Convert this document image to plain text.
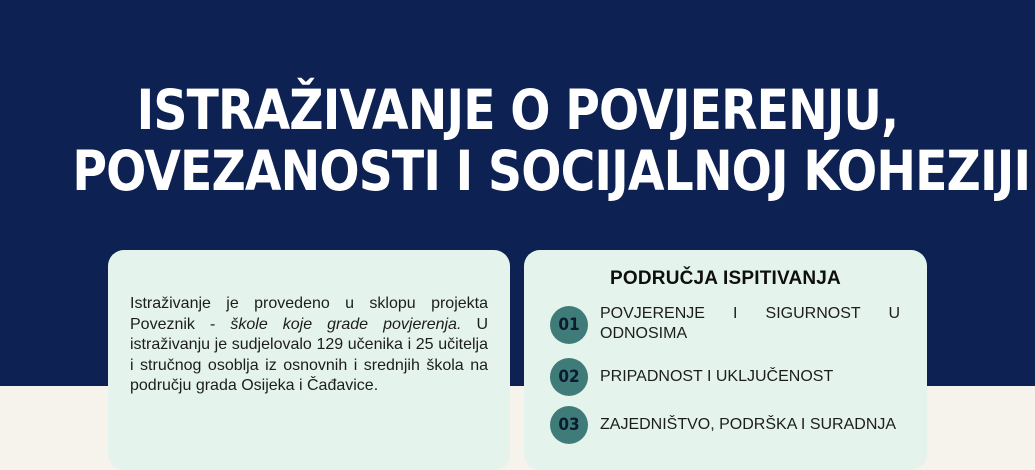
ISTRAŽIVANJE O POVJERENJU,
POVEZANOSTI I SOCIJALNOJ KOHEZIJI

Istraživanje je provedeno u sklopu projekta Poveznik - škole koje grade povjerenja. U istraživanju je sudjelovalo 129 učenika i 25 učitelja i stručnog osoblja iz osnovnih i srednjih škola na području grada Osijeka i Čađavice.

PODRUČJA ISPITIVANJA
01
POVJERENJE I SIGURNOST U ODNOSIMA
02	PRIPADNOST I UKLJUČENOST
03	ZAJEDNIŠTVO, PODRŠKA I SURADNJA
